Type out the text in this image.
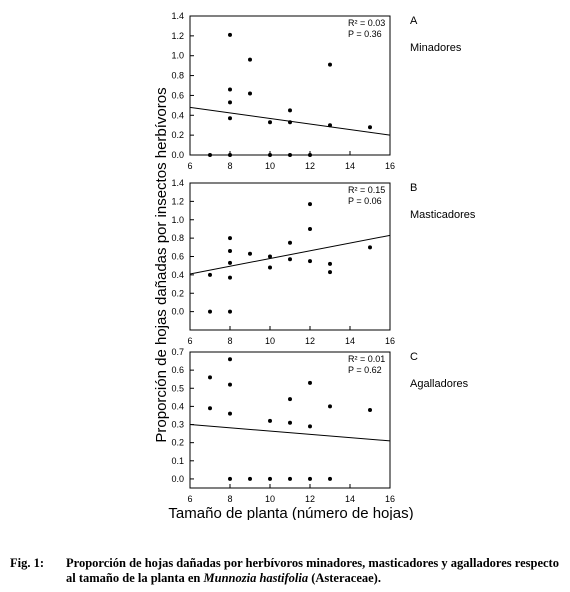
Proporción de hojas dañadas por insectos herbívoros 6	8	10	12	14	16
0.0
0.2
0.4
0.6
0.8
1.0
1.2
1.4
R² = 0.03
P = 0.36
A
Minadores
6	8	10	12	14	16
0.0
0.2
0.4
0.6
0.8
1.0
1.2
1.4
R² = 0.15
P = 0.06
B
Masticadores
6	8	10	12	14	16
0.0
0.1
0.2
0.3
0.4
0.5
0.6
0.7
R² = 0.01
P = 0.62
C
Agalladores
Tamaño de planta (número de hojas)
Fig. 1: Proporción de hojas dañadas por herbívoros minadores, masticadores y agalladores respecto al tamaño de la planta en Munnozia hastifolia (Asteraceae).
